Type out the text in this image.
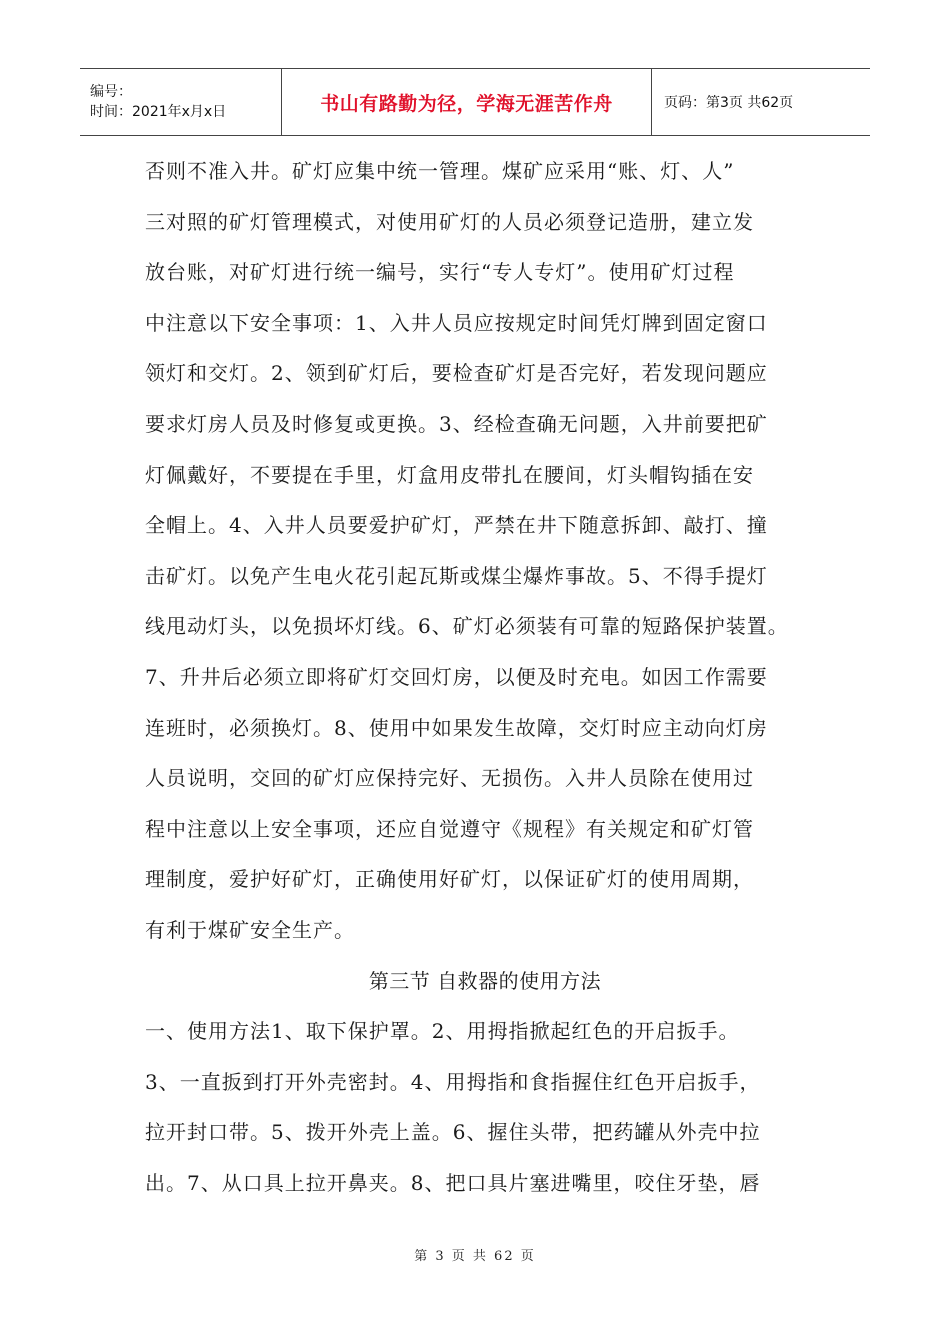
编号：
时间：2021年x月x日	书山有路勤为径，学海无涯苦作舟	页码：第3页 共62页
否则不准入井。矿灯应集中统一管理。煤矿应采用“账、灯、人”
三对照的矿灯管理模式，对使用矿灯的人员必须登记造册，建立发
放台账，对矿灯进行统一编号，实行“专人专灯”。使用矿灯过程
中注意以下安全事项：1、入井人员应按规定时间凭灯牌到固定窗口
领灯和交灯。2、领到矿灯后，要检查矿灯是否完好，若发现问题应
要求灯房人员及时修复或更换。3、经检查确无问题，入井前要把矿
灯佩戴好，不要提在手里，灯盒用皮带扎在腰间，灯头帽钩插在安
全帽上。4、入井人员要爱护矿灯，严禁在井下随意拆卸、敲打、撞
击矿灯。以免产生电火花引起瓦斯或煤尘爆炸事故。5、不得手提灯
线甩动灯头，以免损坏灯线。6、矿灯必须装有可靠的短路保护装置。
7、升井后必须立即将矿灯交回灯房，以便及时充电。如因工作需要
连班时，必须换灯。8、使用中如果发生故障，交灯时应主动向灯房
人员说明，交回的矿灯应保持完好、无损伤。入井人员除在使用过
程中注意以上安全事项，还应自觉遵守《规程》有关规定和矿灯管
理制度，爱护好矿灯，正确使用好矿灯，以保证矿灯的使用周期，
有利于煤矿安全生产。
第三节 自救器的使用方法
一、使用方法1、取下保护罩。2、用拇指掀起红色的开启扳手。
3、一直扳到打开外壳密封。4、用拇指和食指握住红色开启扳手，
拉开封口带。5、拨开外壳上盖。6、握住头带，把药罐从外壳中拉
出。7、从口具上拉开鼻夹。8、把口具片塞进嘴里，咬住牙垫，唇
第 3 页 共 62 页
